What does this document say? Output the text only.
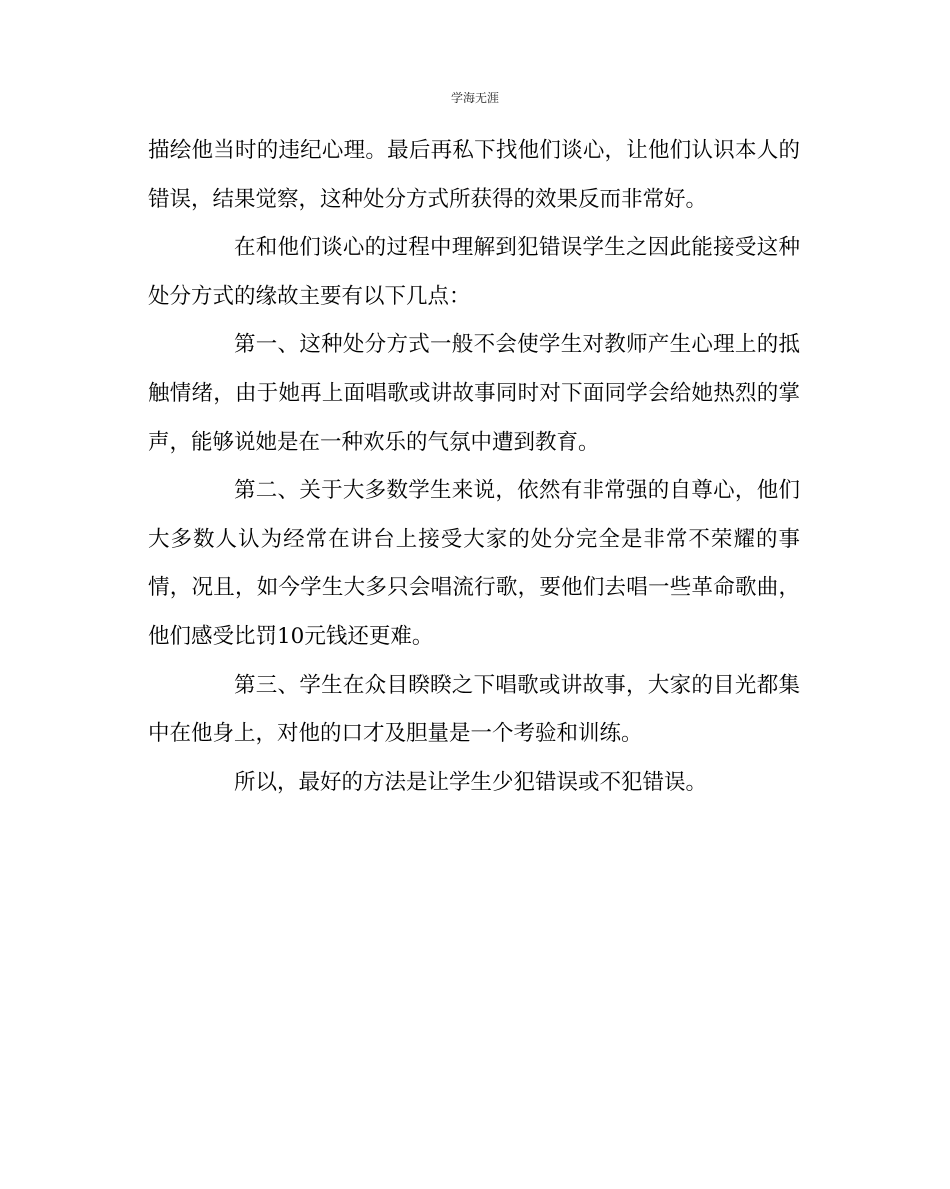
学海无涯

描绘他当时的违纪心理。最后再私下找他们谈心，让他们认识本人的错误，结果觉察，这种处分方式所获得的效果反而非常好。

在和他们谈心的过程中理解到犯错误学生之因此能接受这种处分方式的缘故主要有以下几点：

第一、这种处分方式一般不会使学生对教师产生心理上的抵触情绪，由于她再上面唱歌或讲故事同时对下面同学会给她热烈的掌声，能够说她是在一种欢乐的气氛中遭到教育。

第二、关于大多数学生来说，依然有非常强的自尊心，他们大多数人认为经常在讲台上接受大家的处分完全是非常不荣耀的事情，况且，如今学生大多只会唱流行歌，要他们去唱一些革命歌曲，他们感受比罚10元钱还更难。

第三、学生在众目睽睽之下唱歌或讲故事，大家的目光都集中在他身上，对他的口才及胆量是一个考验和训练。

所以，最好的方法是让学生少犯错误或不犯错误。
